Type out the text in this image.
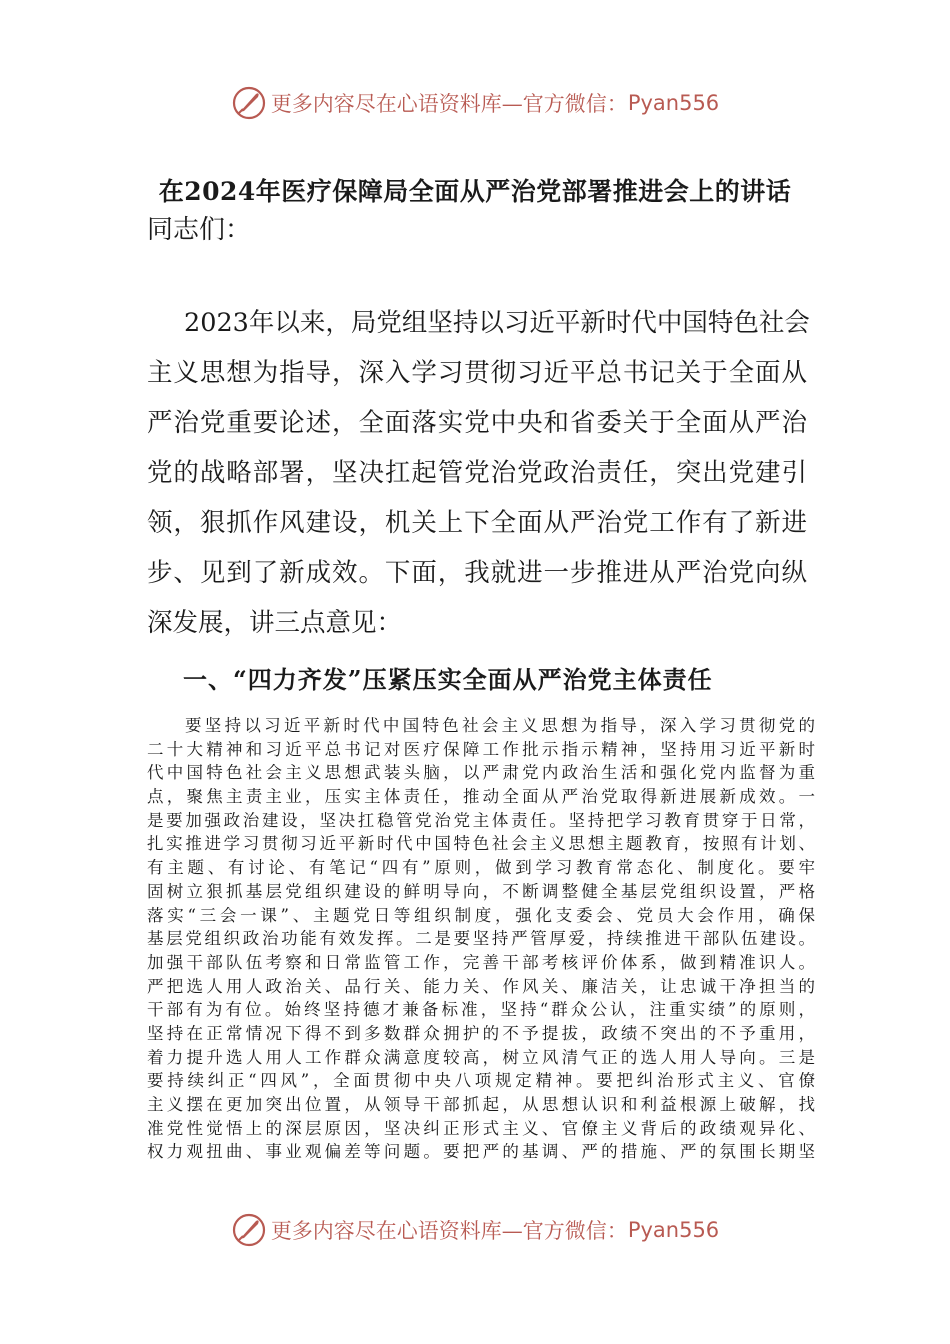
更多内容尽在心语资料库—官方微信： Pyan556
在2024年医疗保障局全面从严治党部署推进会上的讲话
同志们：
2023年以来，局党组坚持以习近平新时代中国特色社会
主义思想为指导，深入学习贯彻习近平总书记关于全面从
严治党重要论述，全面落实党中央和省委关于全面从严治
党的战略部署，坚决扛起管党治党政治责任，突出党建引
领，狠抓作风建设，机关上下全面从严治党工作有了新进
步、见到了新成效。下面，我就进一步推进从严治党向纵
深发展，讲三点意见：
一、“四力齐发”压紧压实全面从严治党主体责任
要坚持以习近平新时代中国特色社会主义思想为指导，深入学习贯彻党的
二十大精神和习近平总书记对医疗保障工作批示指示精神，坚持用习近平新时
代中国特色社会主义思想武装头脑，以严肃党内政治生活和强化党内监督为重
点，聚焦主责主业，压实主体责任，推动全面从严治党取得新进展新成效。一
是要加强政治建设，坚决扛稳管党治党主体责任。坚持把学习教育贯穿于日常，
扎实推进学习贯彻习近平新时代中国特色社会主义思想主题教育，按照有计划、
有主题、有讨论、有笔记“四有”原则，做到学习教育常态化、制度化。要牢
固树立狠抓基层党组织建设的鲜明导向，不断调整健全基层党组织设置，严格
落实“三会一课”、主题党日等组织制度，强化支委会、党员大会作用，确保
基层党组织政治功能有效发挥。二是要坚持严管厚爱，持续推进干部队伍建设。
加强干部队伍考察和日常监管工作，完善干部考核评价体系，做到精准识人。
严把选人用人政治关、品行关、能力关、作风关、廉洁关，让忠诚干净担当的
干部有为有位。始终坚持德才兼备标准，坚持“群众公认，注重实绩”的原则，
坚持在正常情况下得不到多数群众拥护的不予提拔，政绩不突出的不予重用，
着力提升选人用人工作群众满意度较高，树立风清气正的选人用人导向。三是
要持续纠正“四风”，全面贯彻中央八项规定精神。要把纠治形式主义、官僚
主义摆在更加突出位置，从领导干部抓起，从思想认识和利益根源上破解，找
准党性觉悟上的深层原因，坚决纠正形式主义、官僚主义背后的政绩观异化、
权力观扭曲、事业观偏差等问题。要把严的基调、严的措施、严的氛围长期坚
更多内容尽在心语资料库—官方微信： Pyan556
